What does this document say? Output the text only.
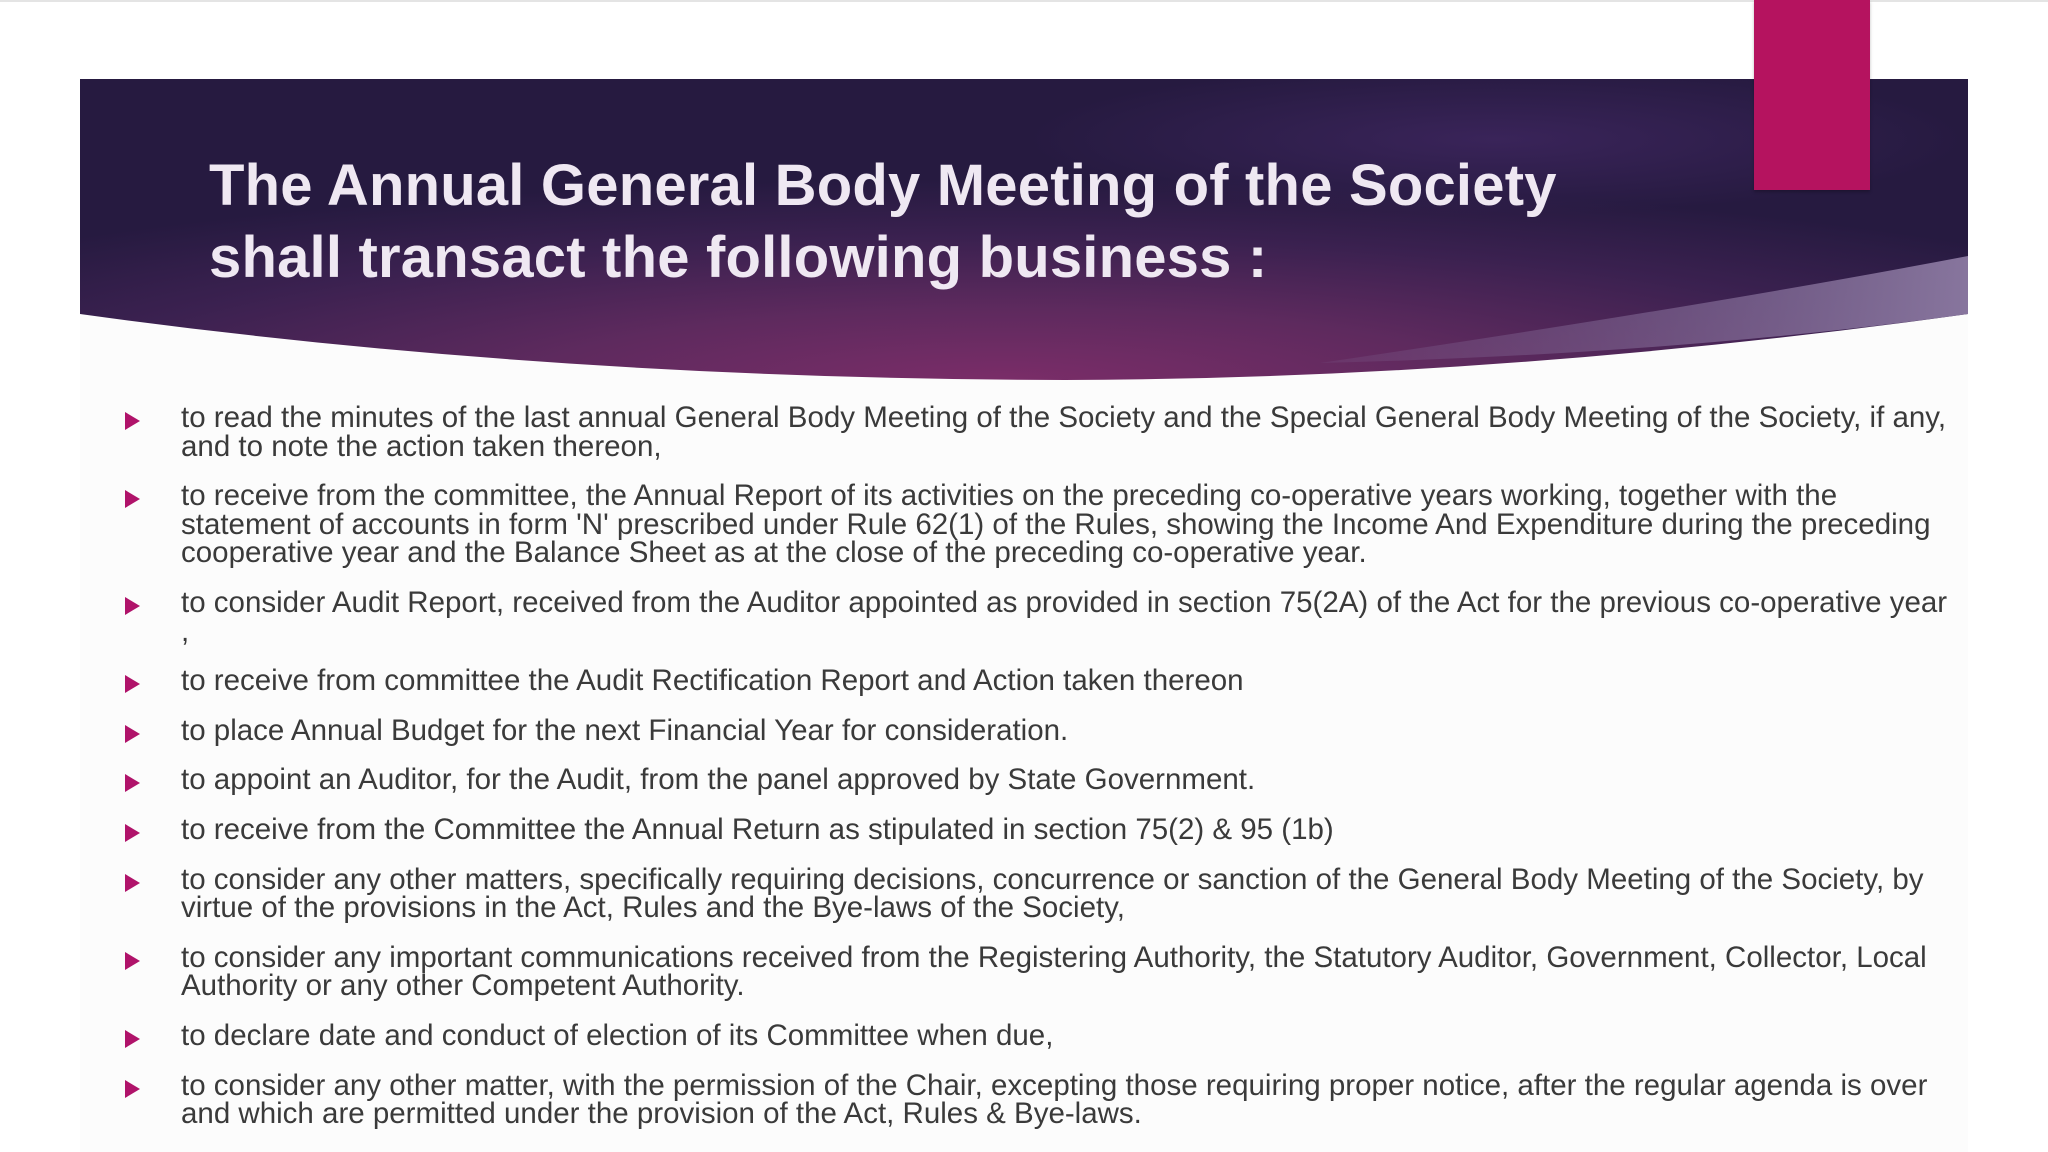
The Annual General Body Meeting of the Society
shall transact the following business :
to read the minutes of the last annual General Body Meeting of the Society and the Special General Body Meeting of the Society, if any, and to note the action taken thereon,
to receive from the committee, the Annual Report of its activities on the preceding co-operative years working, together with the statement of accounts in form 'N' prescribed under Rule 62(1) of the Rules, showing the Income And Expenditure during the preceding cooperative year and the Balance Sheet as at the close of the preceding co-operative year.
to consider Audit Report, received from the Auditor appointed as provided in section 75(2A) of the Act for the previous co-operative year ,
to receive from committee the Audit Rectification Report and Action taken thereon
to place Annual Budget for the next Financial Year for consideration.
to appoint an Auditor, for the Audit, from the panel approved by State Government.
to receive from the Committee the Annual Return as stipulated in section 75(2) & 95 (1b)
to consider any other matters, specifically requiring decisions, concurrence or sanction of the General Body Meeting of the Society, by virtue of the provisions in the Act, Rules and the Bye-laws of the Society,
to consider any important communications received from the Registering Authority, the Statutory Auditor, Government, Collector, Local Authority or any other Competent Authority.
to declare date and conduct of election of its Committee when due,
to consider any other matter, with the permission of the Chair, excepting those requiring proper notice, after the regular agenda is over and which are permitted under the provision of the Act, Rules & Bye-laws.
